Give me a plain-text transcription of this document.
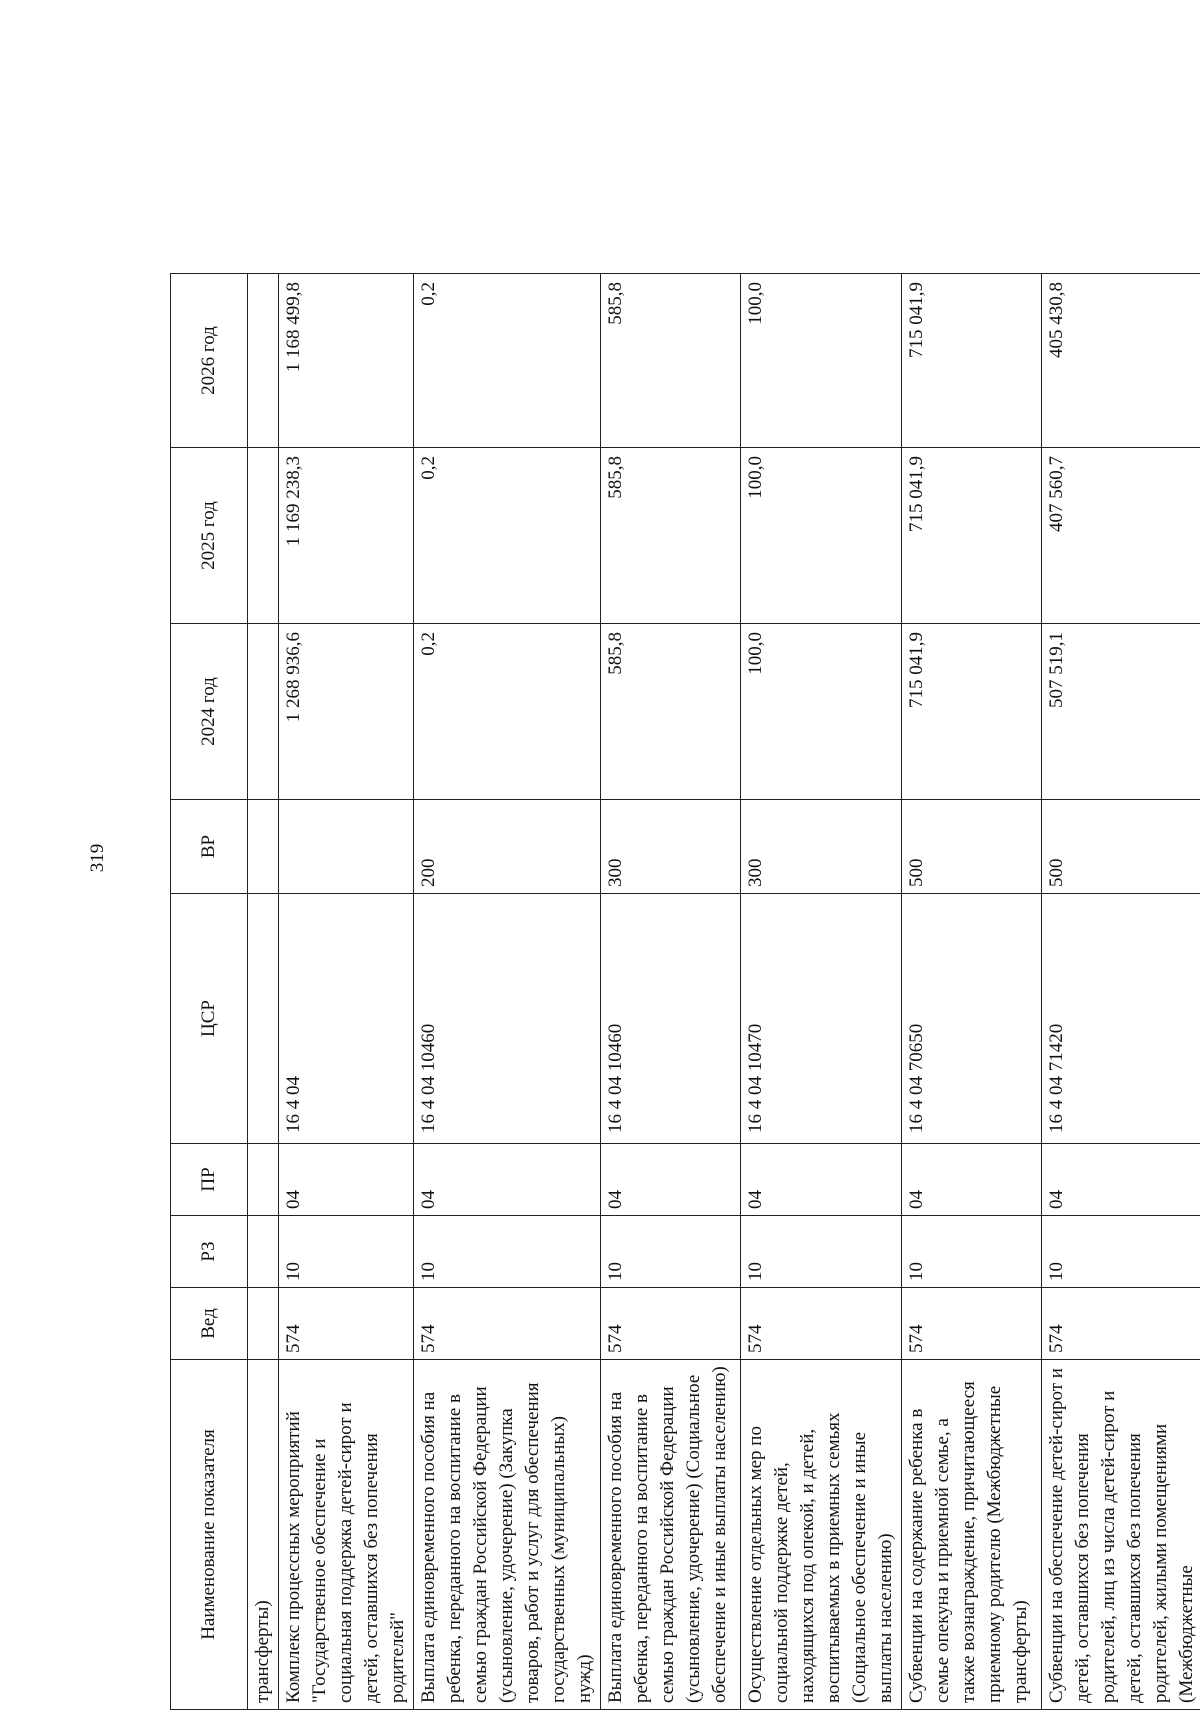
319
Наименование показателя	Вед	РЗ	ПР	ЦСР	ВР	2024 год	2025 год	2026 год
трансферты)								
Комплекс процессных мероприятий "Государственное обеспечение и социальная поддержка детей-сирот и детей, оставшихся без попечения родителей"	574	10	04	16 4 04		1 268 936,6	1 169 238,3	1 168 499,8
Выплата единовременного пособия на ребенка, переданного на воспитание в семью граждан Российской Федерации (усыновление, удочерение) (Закупка товаров, работ и услуг для обеспечения государственных (муниципальных) нужд)	574	10	04	16 4 04 10460	200	0,2	0,2	0,2
Выплата единовременного пособия на ребенка, переданного на воспитание в семью граждан Российской Федерации (усыновление, удочерение) (Социальное обеспечение и иные выплаты населению)	574	10	04	16 4 04 10460	300	585,8	585,8	585,8
Осуществление отдельных мер по социальной поддержке детей, находящихся под опекой, и детей, воспитываемых в приемных семьях (Социальное обеспечение и иные выплаты населению)	574	10	04	16 4 04 10470	300	100,0	100,0	100,0
Субвенции на содержание ребенка в семье опекуна и приемной семье, а также вознаграждение, причитающееся приемному родителю (Межбюджетные трансферты)	574	10	04	16 4 04 70650	500	715 041,9	715 041,9	715 041,9
Субвенции на обеспечение детей-сирот и детей, оставшихся без попечения родителей, лиц из числа детей-сирот и детей, оставшихся без попечения родителей, жилыми помещениями (Межбюджетные	574	10	04	16 4 04 71420	500	507 519,1	407 560,7	405 430,8
